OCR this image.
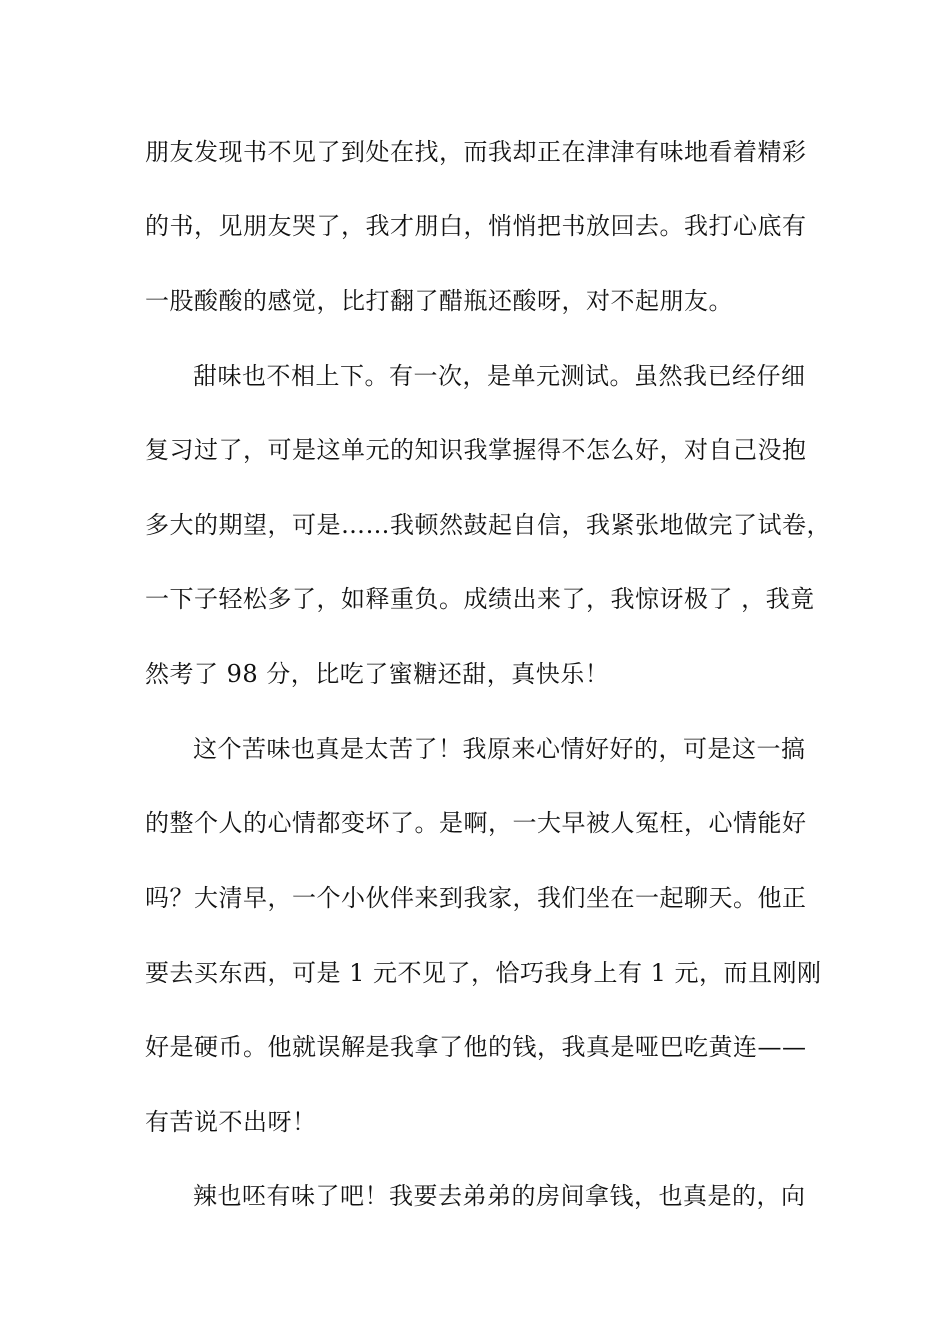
朋友发现书不见了到处在找，而我却正在津津有味地看着精彩
的书，见朋友哭了，我才朋白，悄悄把书放回去。我打心底有
一股酸酸的感觉，比打翻了醋瓶还酸呀，对不起朋友。
甜味也不相上下。有一次，是单元测试。虽然我已经仔细
复习过了，可是这单元的知识我掌握得不怎么好，对自己没抱
多大的期望，可是……我顿然鼓起自信，我紧张地做完了试卷，
一下子轻松多了，如释重负。成绩出来了，我惊讶极了 ，我竟
然考了 98 分，比吃了蜜糖还甜，真快乐！
这个苦味也真是太苦了！我原来心情好好的，可是这一搞
的整个人的心情都变坏了。是啊，一大早被人冤枉，心情能好
吗？大清早，一个小伙伴来到我家，我们坐在一起聊天。他正
要去买东西，可是 1 元不见了，恰巧我身上有 1 元，而且刚刚
好是硬币。他就误解是我拿了他的钱，我真是哑巴吃黄连——
有苦说不出呀！
辣也呸有味了吧！我要去弟弟的房间拿钱，也真是的，向
